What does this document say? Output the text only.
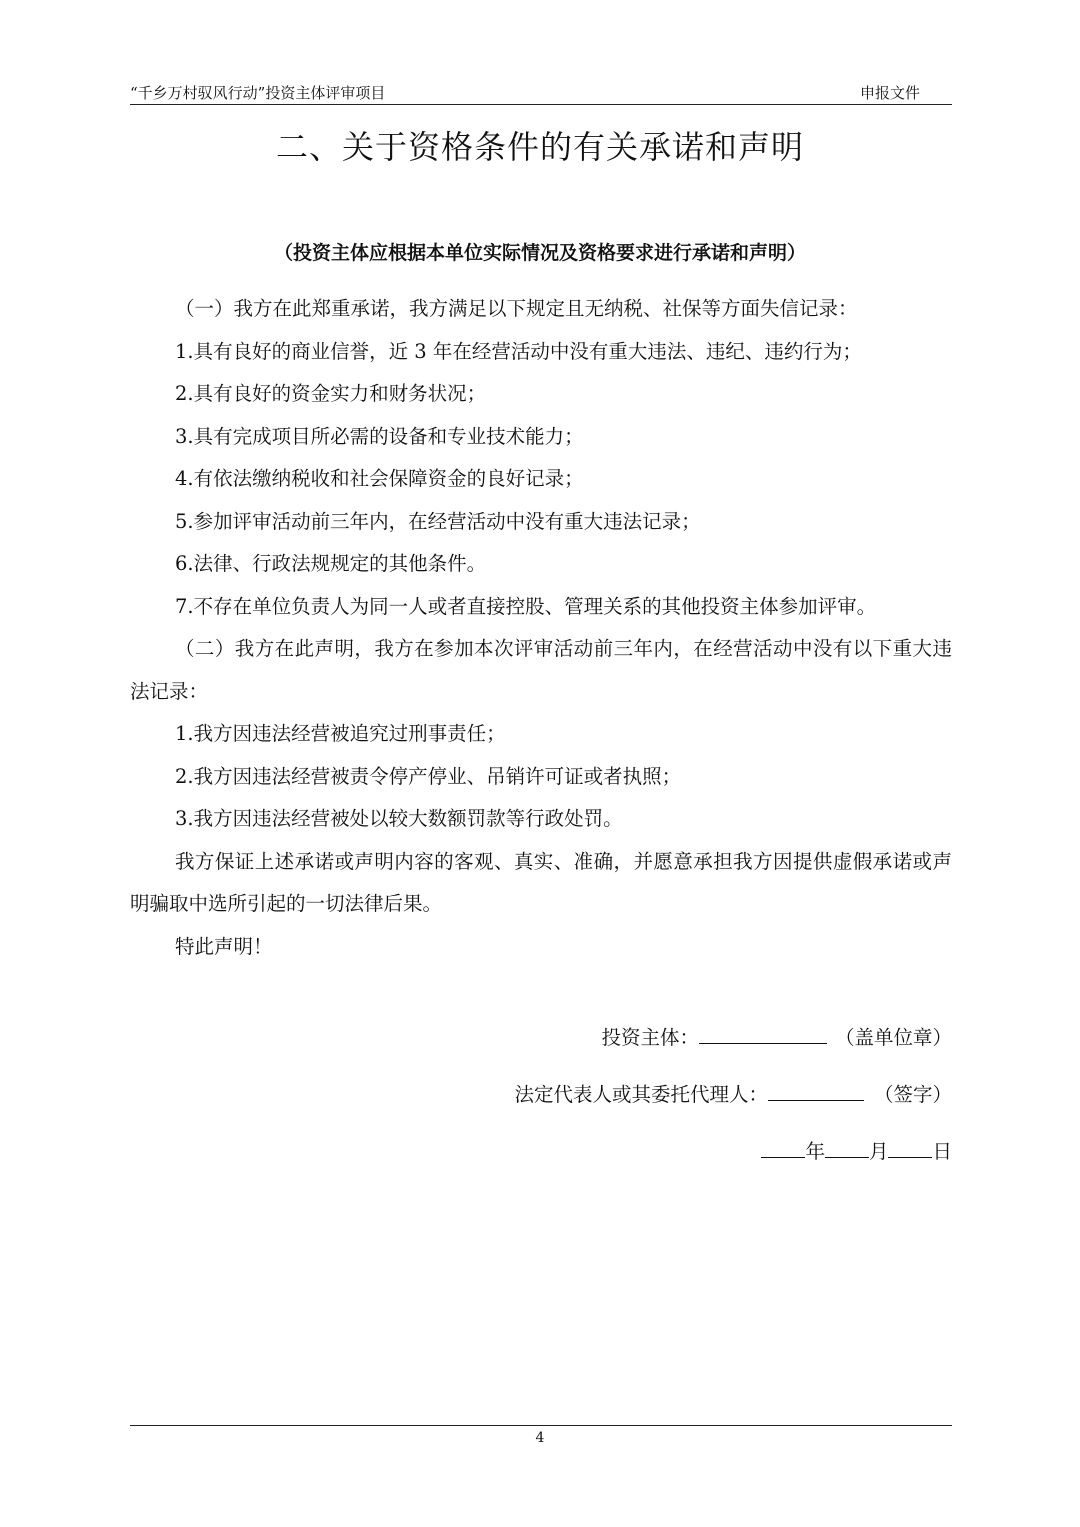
“千乡万村驭风行动”投资主体评审项目	申报文件
二、关于资格条件的有关承诺和声明
（投资主体应根据本单位实际情况及资格要求进行承诺和声明）

（一）我方在此郑重承诺，我方满足以下规定且无纳税、社保等方面失信记录：

1.具有良好的商业信誉，近 3 年在经营活动中没有重大违法、违纪、违约行为；

2.具有良好的资金实力和财务状况；

3.具有完成项目所必需的设备和专业技术能力；

4.有依法缴纳税收和社会保障资金的良好记录；

5.参加评审活动前三年内，在经营活动中没有重大违法记录；

6.法律、行政法规规定的其他条件。

7.不存在单位负责人为同一人或者直接控股、管理关系的其他投资主体参加评审。

（二）我方在此声明，我方在参加本次评审活动前三年内，在经营活动中没有以下重大违法记录：

1.我方因违法经营被追究过刑事责任；

2.我方因违法经营被责令停产停业、吊销许可证或者执照；

3.我方因违法经营被处以较大数额罚款等行政处罚。

我方保证上述承诺或声明内容的客观、真实、准确，并愿意承担我方因提供虚假承诺或声明骗取中选所引起的一切法律后果。

特此声明！

投资主体：	（盖单位章）
法定代表人或其委托代理人：	（签字）
年 月 日
4
